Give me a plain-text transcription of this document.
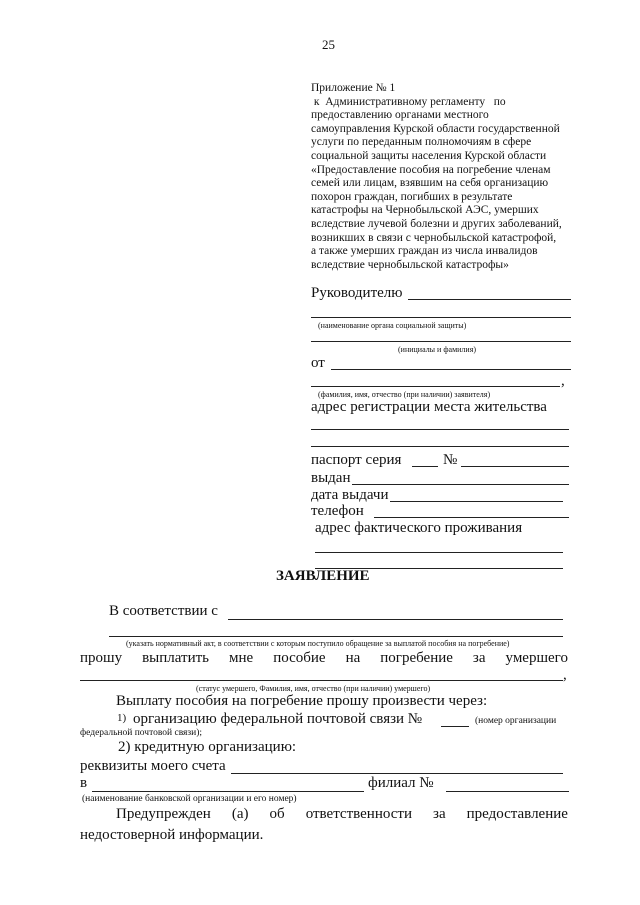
25
Приложение № 1
к  Административному регламенту   по
предоставлению органами местного
самоуправления Курской области государственной
услуги по переданным полномочиям в сфере
социальной защиты населения Курской области
«Предоставление пособия на погребение членам
семей или лицам, взявшим на себя организацию
похорон граждан, погибших в результате
катастрофы на Чернобыльской АЭС, умерших
вследствие лучевой болезни и других заболеваний,
возникших в связи с чернобыльской катастрофой,
а также умерших граждан из числа инвалидов
вследствие чернобыльской катастрофы»
Руководителю
(наименование органа социальной защиты)
(инициалы и фамилия)
от
,
(фамилия, имя, отчество (при наличии) заявителя)
адрес регистрации места жительства
паспорт серия	№
выдан
дата выдачи
телефон
адрес фактического проживания
ЗАЯВЛЕНИЕ
В соответствии с
(указать нормативный акт, в соответствии с которым поступило обращение за выплатой пособия на погребение)
прошу выплатить мне пособие на погребение за умершего
,
(статус умершего, Фамилия, имя, отчество (при наличии) умершего)
Выплату пособия на погребение прошу произвести через:
1) организацию федеральной почтовой связи №	(номер организации
федеральной почтовой связи);
2) кредитную организацию:
реквизиты моего счета
в	филиал №
(наименование банковской организации и его номер)
Предупрежден (а) об ответственности за предоставление
недостоверной информации.
